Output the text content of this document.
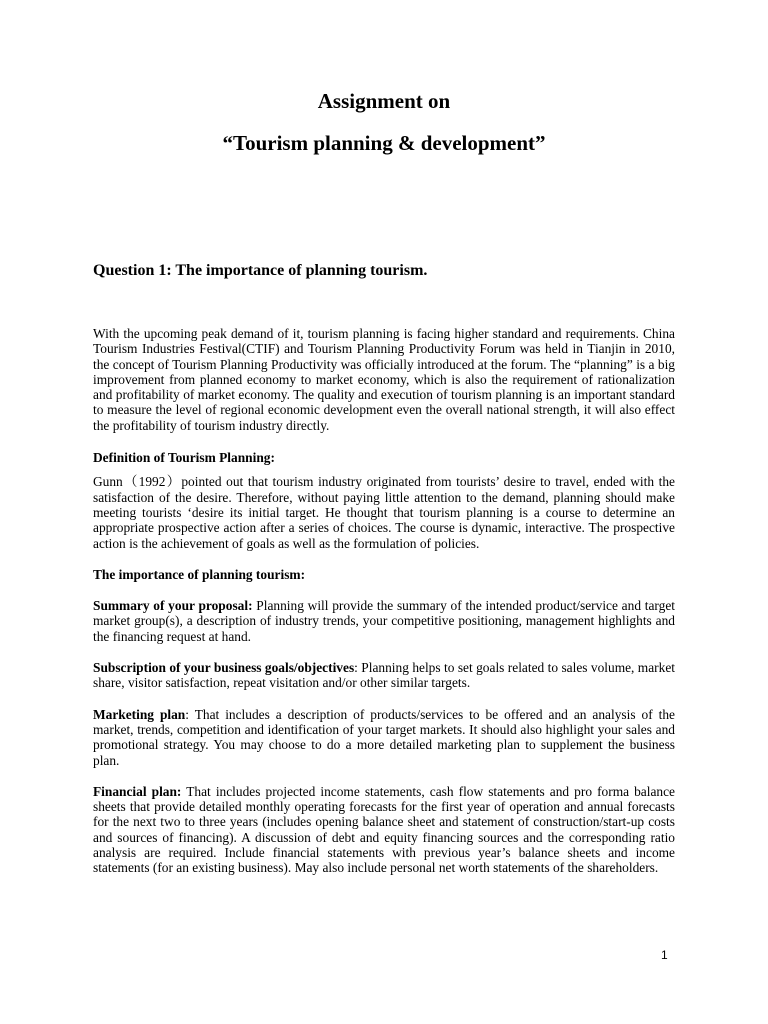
Assignment on
“Tourism planning & development”
Question 1: The importance of planning tourism.

With the upcoming peak demand of it, tourism planning is facing higher standard and requirements. China Tourism Industries Festival(CTIF) and Tourism Planning Productivity Forum was held in Tianjin in 2010, the concept of Tourism Planning Productivity was officially introduced at the forum. The “planning” is a big improvement from planned economy to market economy, which is also the requirement of rationalization and profitability of market economy. The quality and execution of tourism planning is an important standard to measure the level of regional economic development even the overall national strength, it will also effect the profitability of tourism industry directly.

Definition of Tourism Planning:

Gunn（1992）pointed out that tourism industry originated from tourists’ desire to travel, ended with the satisfaction of the desire. Therefore, without paying little attention to the demand, planning should make meeting tourists ‘desire its initial target. He thought that tourism planning is a course to determine an appropriate prospective action after a series of choices. The course is dynamic, interactive. The prospective action is the achievement of goals as well as the formulation of policies.

The importance of planning tourism:

Summary of your proposal: Planning will provide the summary of the intended product/service and target market group(s), a description of industry trends, your competitive positioning, management highlights and the financing request at hand.

Subscription of your business goals/objectives: Planning helps to set goals related to sales volume, market share, visitor satisfaction, repeat visitation and/or other similar targets.

Marketing plan: That includes a description of products/services to be offered and an analysis of the market, trends, competition and identification of your target markets. It should also highlight your sales and promotional strategy. You may choose to do a more detailed marketing plan to supplement the business plan.

Financial plan: That includes projected income statements, cash flow statements and pro forma balance sheets that provide detailed monthly operating forecasts for the first year of operation and annual forecasts for the next two to three years (includes opening balance sheet and statement of construction/start-up costs and sources of financing). A discussion of debt and equity financing sources and the corresponding ratio analysis are required. Include financial statements with previous year’s balance sheets and income statements (for an existing business). May also include personal net worth statements of the shareholders.

1
